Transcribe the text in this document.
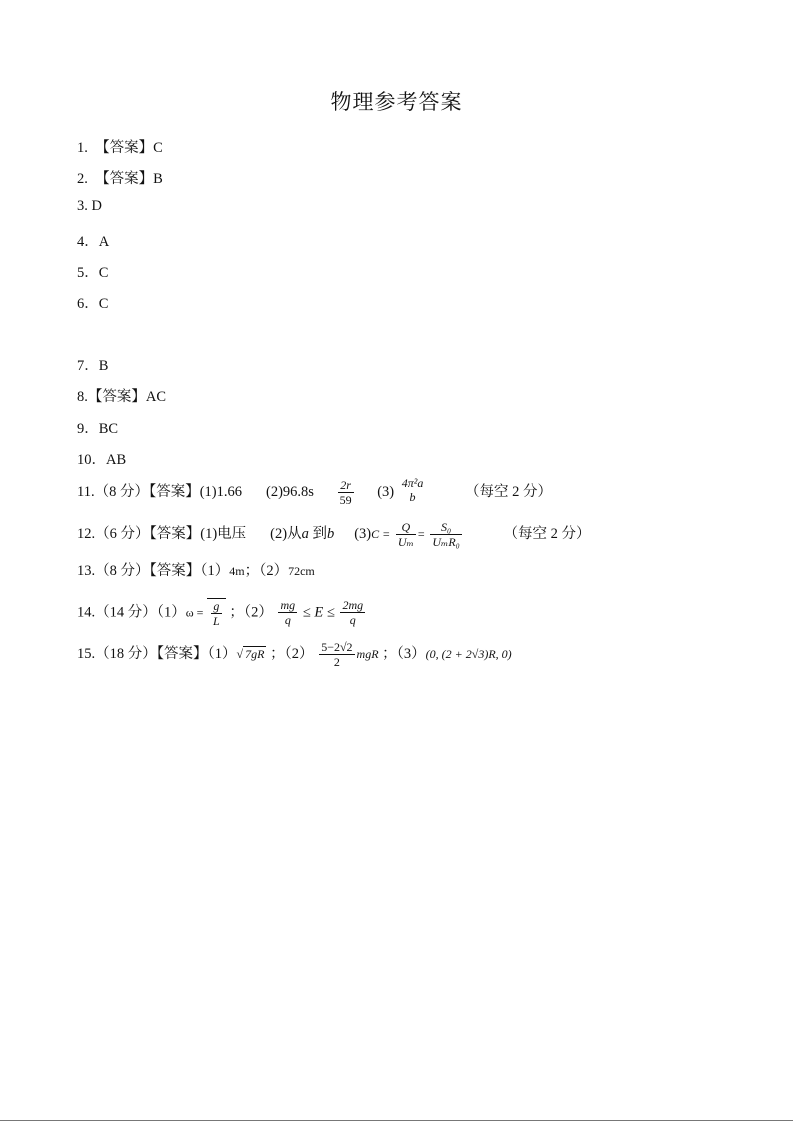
物理参考答案
1. 【答案】C
2. 【答案】B
3. D
4．A
5．C
6．C
7．B
8.【答案】AC
9．BC
10．AB
11.（8 分）【答案】(1)1.66 $(2)96.8s \frac{2r}{59} (3)$
4π²a
b	（每空 2 分）
12.（6 分）【答案】(1)电压 (2)从a 到b $(3)C = \frac{Q}{\text{Uₘ}} = \frac{\text{S₀}}{\text{UₘR₀}}$	（每空 2 分）
13.（8 分）【答案】（1）4m；（2）72cm
14.（14 分）$(1)\omega = \frac{g}{L}$ ；$(2) \frac{mg}{q} \le E \le \frac{2mg}{q}$
15.（18 分）【答案】（1）√ 7gR ；$(2) \frac{5-2√2}{2}$ mgR ；（3）(0, (2 + 2√3)R, 0)
